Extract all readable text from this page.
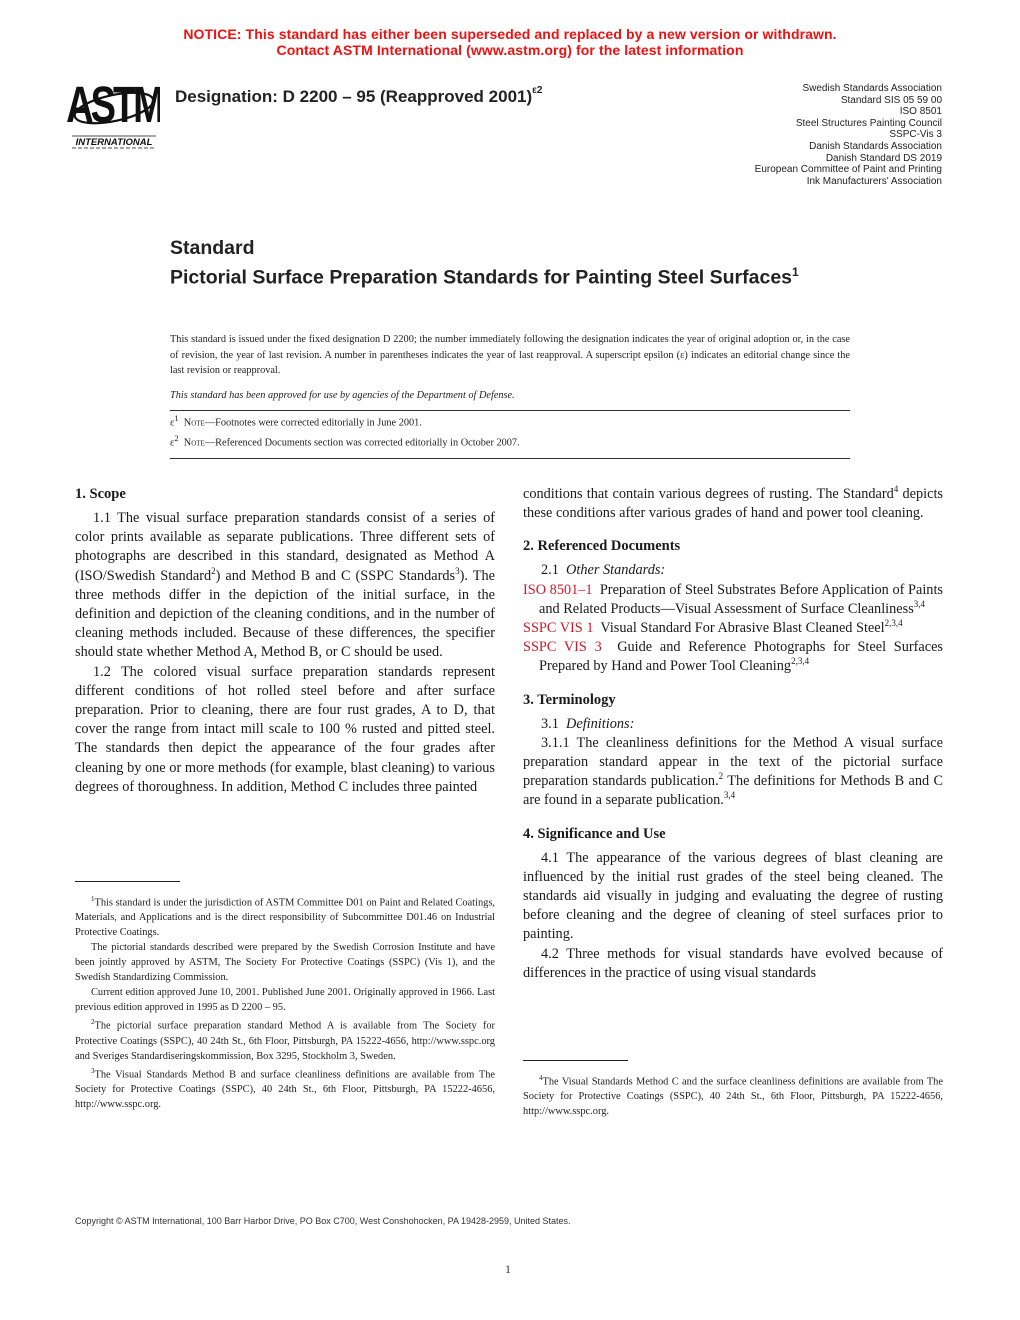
NOTICE: This standard has either been superseded and replaced by a new version or withdrawn.
Contact ASTM International (www.astm.org) for the latest information
ASTM
INTERNATIONAL
Designation: D 2200 – 95 (Reapproved 2001)$^{\varepsilon 2}$	Swedish Standards Association
Standard SIS 05 59 00
ISO 8501
Steel Structures Painting Council
SSPC-Vis 3
Danish Standards Association
Danish Standard DS 2019
European Committee of Paint and Printing
Ink Manufacturers' Association
Standard
Pictorial Surface Preparation Standards for Painting Steel Surfaces$^1$
This standard is issued under the fixed designation D 2200; the number immediately following the designation indicates the year of original adoption or, in the case of revision, the year of last revision. A number in parentheses indicates the year of last reapproval. A superscript epsilon (ε) indicates an editorial change since the last revision or reapproval.
This standard has been approved for use by agencies of the Department of Defense.
$\varepsilon^1$ Note—Footnotes were corrected editorially in June 2001.
$\varepsilon^2$ Note—Referenced Documents section was corrected editorially in October 2007.
1. Scope

1.1 The visual surface preparation standards consist of a series of color prints available as separate publications. Three different sets of photographs are described in this standard, designated as Method A (ISO/Swedish Standard$^2$) and Method B and C (SSPC Standards$^3$). The three methods differ in the depiction of the initial surface, in the definition and depiction of the cleaning conditions, and in the number of cleaning methods included. Because of these differences, the specifier should state whether Method A, Method B, or C should be used.

1.2 The colored visual surface preparation standards represent different conditions of hot rolled steel before and after surface preparation. Prior to cleaning, there are four rust grades, A to D, that cover the range from intact mill scale to 100 % rusted and pitted steel. The standards then depict the appearance of the four grades after cleaning by one or more methods (for example, blast cleaning) to various degrees of thoroughness. In addition, Method C includes three painted

$^1$This standard is under the jurisdiction of ASTM Committee D01 on Paint and Related Coatings, Materials, and Applications and is the direct responsibility of Subcommittee D01.46 on Industrial Protective Coatings.

The pictorial standards described were prepared by the Swedish Corrosion Institute and have been jointly approved by ASTM, The Society For Protective Coatings (SSPC) (Vis 1), and the Swedish Standardizing Commission.

Current edition approved June 10, 2001. Published June 2001. Originally approved in 1966. Last previous edition approved in 1995 as D 2200 – 95.

$^2$The pictorial surface preparation standard Method A is available from The Society for Protective Coatings (SSPC), 40 24th St., 6th Floor, Pittsburgh, PA 15222-4656, http://www.sspc.org and Sveriges Standardiseringskommission, Box 3295, Stockholm 3, Sweden.

$^3$The Visual Standards Method B and surface cleanliness definitions are available from The Society for Protective Coatings (SSPC), 40 24th St., 6th Floor, Pittsburgh, PA 15222-4656, http://www.sspc.org.

conditions that contain various degrees of rusting. The Standard$^4$ depicts these conditions after various grades of hand and power tool cleaning.

2. Referenced Documents

2.1 Other Standards:

ISO 8501–1 Preparation of Steel Substrates Before Application of Paints and Related Products—Visual Assessment of Surface Cleanliness$^{3,4}$

SSPC VIS 1 Visual Standard For Abrasive Blast Cleaned Steel$^{2,3,4}$

SSPC VIS 3 Guide and Reference Photographs for Steel Surfaces Prepared by Hand and Power Tool Cleaning$^{2,3,4}$

3. Terminology

3.1 Definitions:

3.1.1 The cleanliness definitions for the Method A visual surface preparation standard appear in the text of the pictorial surface preparation standards publication.$^2$ The definitions for Methods B and C are found in a separate publication.$^{3,4}$

4. Significance and Use

4.1 The appearance of the various degrees of blast cleaning are influenced by the initial rust grades of the steel being cleaned. The standards aid visually in judging and evaluating the degree of rusting before cleaning and the degree of cleaning of steel surfaces prior to painting.

4.2 Three methods for visual standards have evolved because of differences in the practice of using visual standards

$^4$The Visual Standards Method C and the surface cleanliness definitions are available from The Society for Protective Coatings (SSPC), 40 24th St., 6th Floor, Pittsburgh, PA 15222-4656, http://www.sspc.org.

Copyright © ASTM International, 100 Barr Harbor Drive, PO Box C700, West Conshohocken, PA 19428-2959, United States.
1
